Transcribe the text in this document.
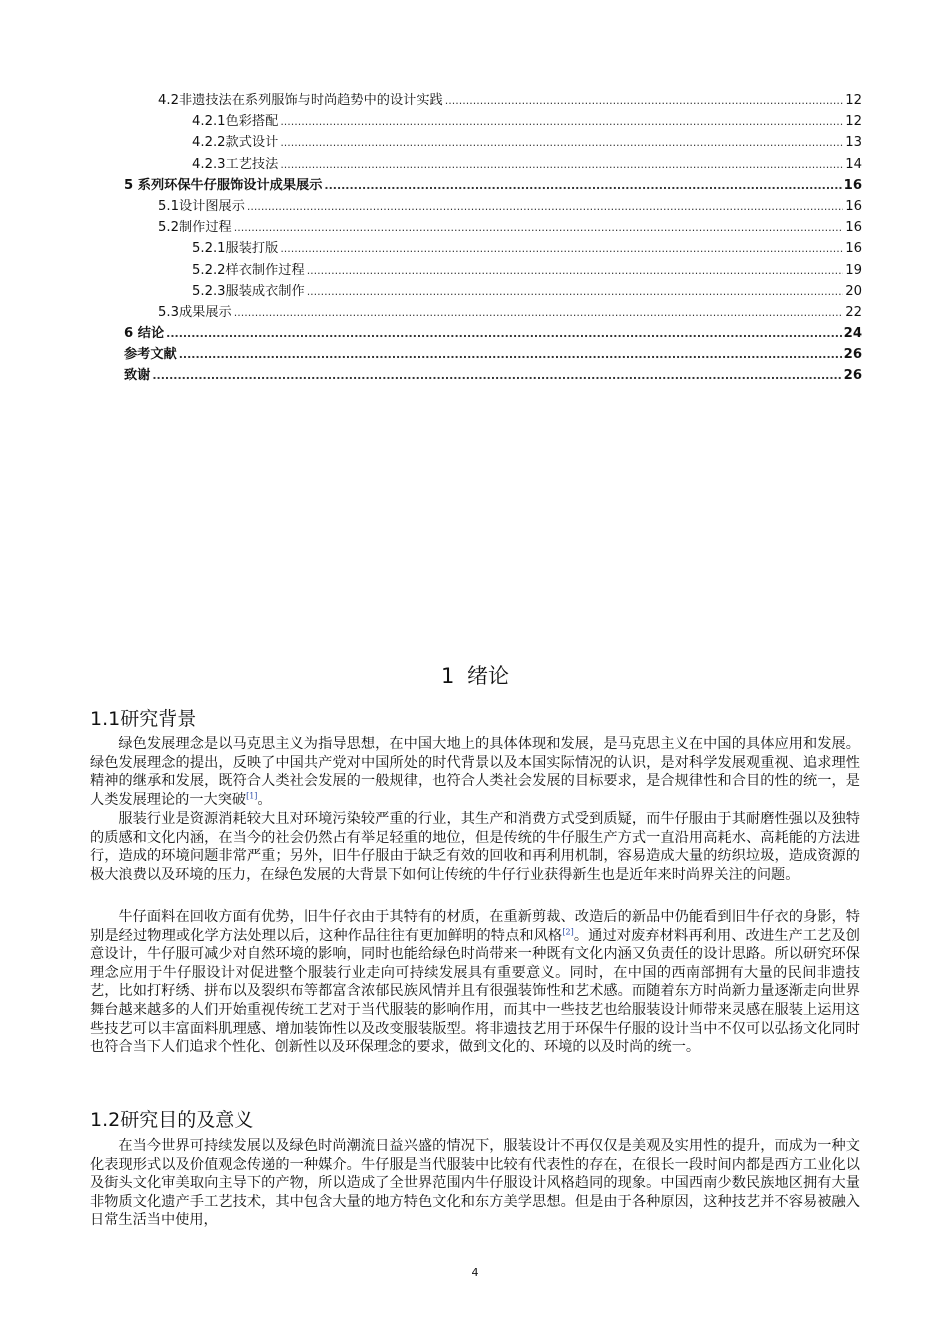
4.2非遗技法在系列服饰与时尚趋势中的设计实践 .....	12
4.2.1色彩搭配 .....	12
4.2.2款式设计 .....	13
4.2.3工艺技法 .....	14
5 系列环保牛仔服饰设计成果展示 .....	16
5.1设计图展示 .....	16
5.2制作过程 .....	16
5.2.1服装打版 .....	16
5.2.2样衣制作过程 .....	19
5.2.3服装成衣制作 .....	20
5.3成果展示 .....	22
6 结论 .....	24
参考文献 .....	26
致谢 .....	26
1 绪论
1.1研究背景

绿色发展理念是以马克思主义为指导思想，在中国大地上的具体体现和发展，是马克思主义在中国的具体应用和发展。绿色发展理念的提出，反映了中国共产党对中国所处的时代背景以及本国实际情况的认识，是对科学发展观重视、追求理性精神的继承和发展，既符合人类社会发展的一般规律，也符合人类社会发展的目标要求，是合规律性和合目的性的统一，是人类发展理论的一大突破[1]。

服装行业是资源消耗较大且对环境污染较严重的行业，其生产和消费方式受到质疑，而牛仔服由于其耐磨性强以及独特的质感和文化内涵，在当今的社会仍然占有举足轻重的地位，但是传统的牛仔服生产方式一直沿用高耗水、高耗能的方法进行，造成的环境问题非常严重；另外，旧牛仔服由于缺乏有效的回收和再利用机制，容易造成大量的纺织垃圾，造成资源的极大浪费以及环境的压力，在绿色发展的大背景下如何让传统的牛仔行业获得新生也是近年来时尚界关注的问题。

牛仔面料在回收方面有优势，旧牛仔衣由于其特有的材质，在重新剪裁、改造后的新品中仍能看到旧牛仔衣的身影，特别是经过物理或化学方法处理以后，这种作品往往有更加鲜明的特点和风格[2]。通过对废弃材料再利用、改进生产工艺及创意设计，牛仔服可减少对自然环境的影响，同时也能给绿色时尚带来一种既有文化内涵又负责任的设计思路。所以研究环保理念应用于牛仔服设计对促进整个服装行业走向可持续发展具有重要意义。同时，在中国的西南部拥有大量的民间非遗技艺，比如打籽绣、拼布以及裂织布等都富含浓郁民族风情并且有很强装饰性和艺术感。而随着东方时尚新力量逐渐走向世界舞台越来越多的人们开始重视传统工艺对于当代服装的影响作用，而其中一些技艺也给服装设计师带来灵感在服装上运用这些技艺可以丰富面料肌理感、增加装饰性以及改变服装版型。将非遗技艺用于环保牛仔服的设计当中不仅可以弘扬文化同时也符合当下人们追求个性化、创新性以及环保理念的要求，做到文化的、环境的以及时尚的统一。

1.2研究目的及意义

在当今世界可持续发展以及绿色时尚潮流日益兴盛的情况下，服装设计不再仅仅是美观及实用性的提升，而成为一种文化表现形式以及价值观念传递的一种媒介。牛仔服是当代服装中比较有代表性的存在，在很长一段时间内都是西方工业化以及街头文化审美取向主导下的产物，所以造成了全世界范围内牛仔服设计风格趋同的现象。中国西南少数民族地区拥有大量非物质文化遗产手工艺技术，其中包含大量的地方特色文化和东方美学思想。但是由于各种原因，这种技艺并不容易被融入日常生活当中使用，

4
